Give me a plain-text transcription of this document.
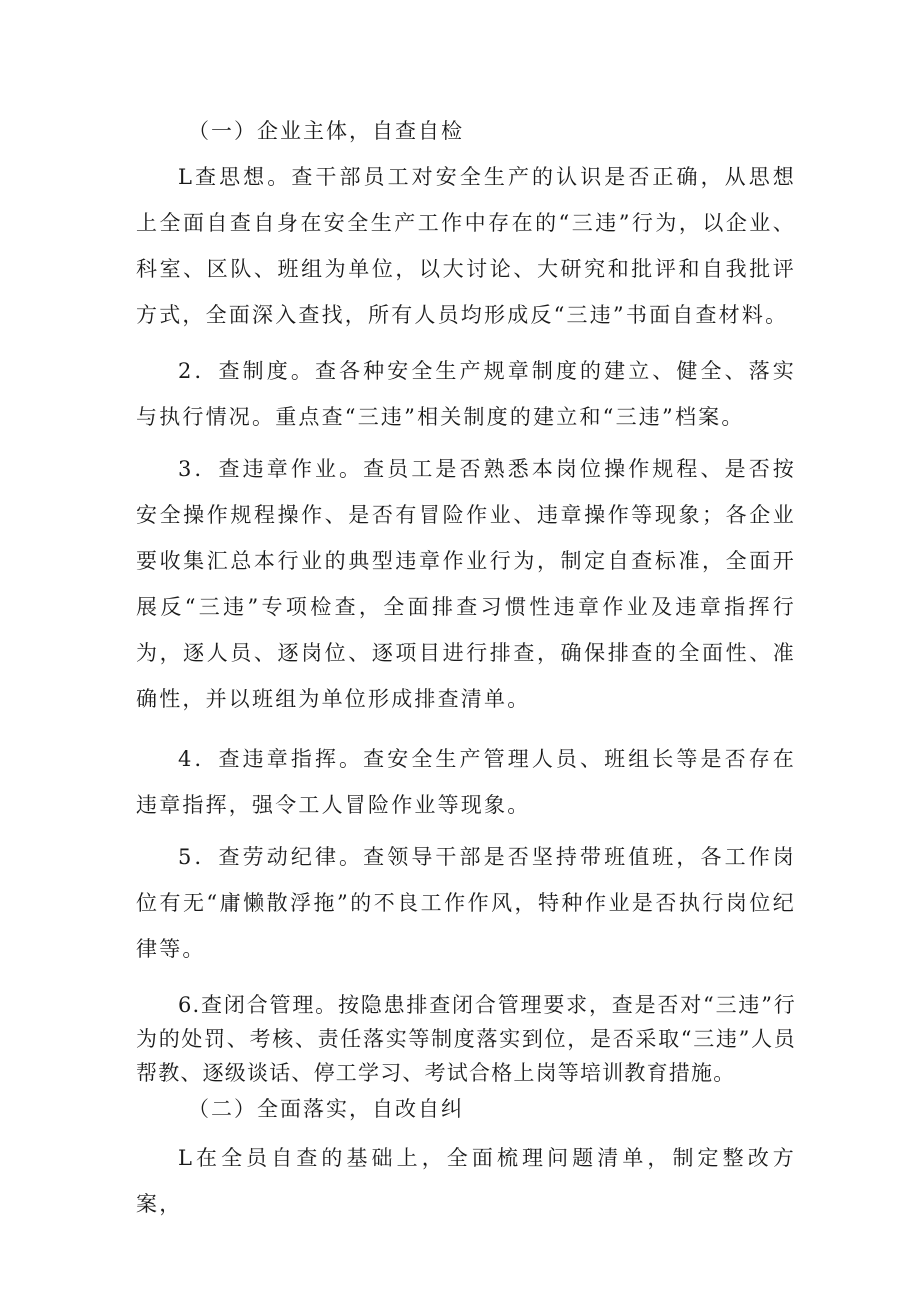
（一）企业主体，自查自检

L查思想。查干部员工对安全生产的认识是否正确，从思想上全面自查自身在安全生产工作中存在的“三违”行为，以企业、科室、区队、班组为单位，以大讨论、大研究和批评和自我批评方式，全面深入查找，所有人员均形成反“三违”书面自查材料。

2．查制度。查各种安全生产规章制度的建立、健全、落实与执行情况。重点查“三违”相关制度的建立和“三违”档案。

3．查违章作业。查员工是否熟悉本岗位操作规程、是否按安全操作规程操作、是否有冒险作业、违章操作等现象；各企业要收集汇总本行业的典型违章作业行为，制定自查标准，全面开展反“三违”专项检查，全面排查习惯性违章作业及违章指挥行为，逐人员、逐岗位、逐项目进行排查，确保排查的全面性、准确性，并以班组为单位形成排查清单。

4．查违章指挥。查安全生产管理人员、班组长等是否存在违章指挥，强令工人冒险作业等现象。

5．查劳动纪律。查领导干部是否坚持带班值班，各工作岗位有无“庸懒散浮拖”的不良工作作风，特种作业是否执行岗位纪律等。

6.查闭合管理。按隐患排查闭合管理要求，查是否对“三违”行为的处罚、考核、责任落实等制度落实到位，是否采取“三违”人员帮教、逐级谈话、停工学习、考试合格上岗等培训教育措施。

（二）全面落实，自改自纠

L在全员自查的基础上，全面梳理问题清单，制定整改方案，
